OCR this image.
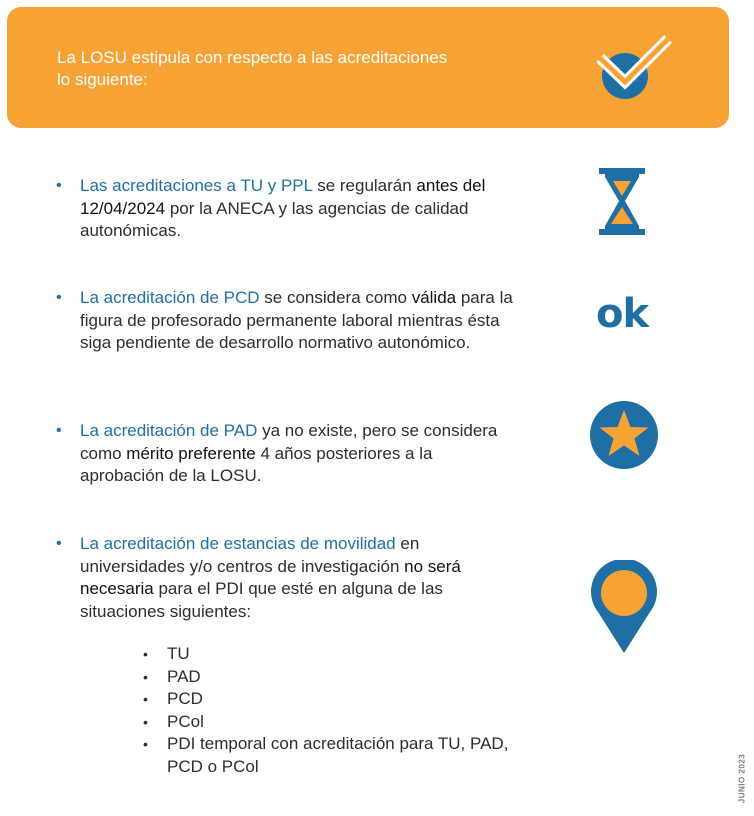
La LOSU estipula con respecto a las acreditaciones
lo siguiente:
• Las acreditaciones a TU y PPL se regularán antes del 12/04/2024 por la ANECA y las agencias de calidad autonómicas.
• La acreditación de PCD se considera como válida para la figura de profesorado permanente laboral mientras ésta siga pendiente de desarrollo normativo autonómico.
ok
• La acreditación de PAD ya no existe, pero se considera como mérito preferente 4 años posteriores a la aprobación de la LOSU.
• La acreditación de estancias de movilidad en universidades y/o centros de investigación no será necesaria para el PDI que esté en alguna de las situaciones siguientes:
• TU
• PAD
• PCD
• PCol
• PDI temporal con acreditación para TU, PAD, PCD o PCol	JUNIO 2023
